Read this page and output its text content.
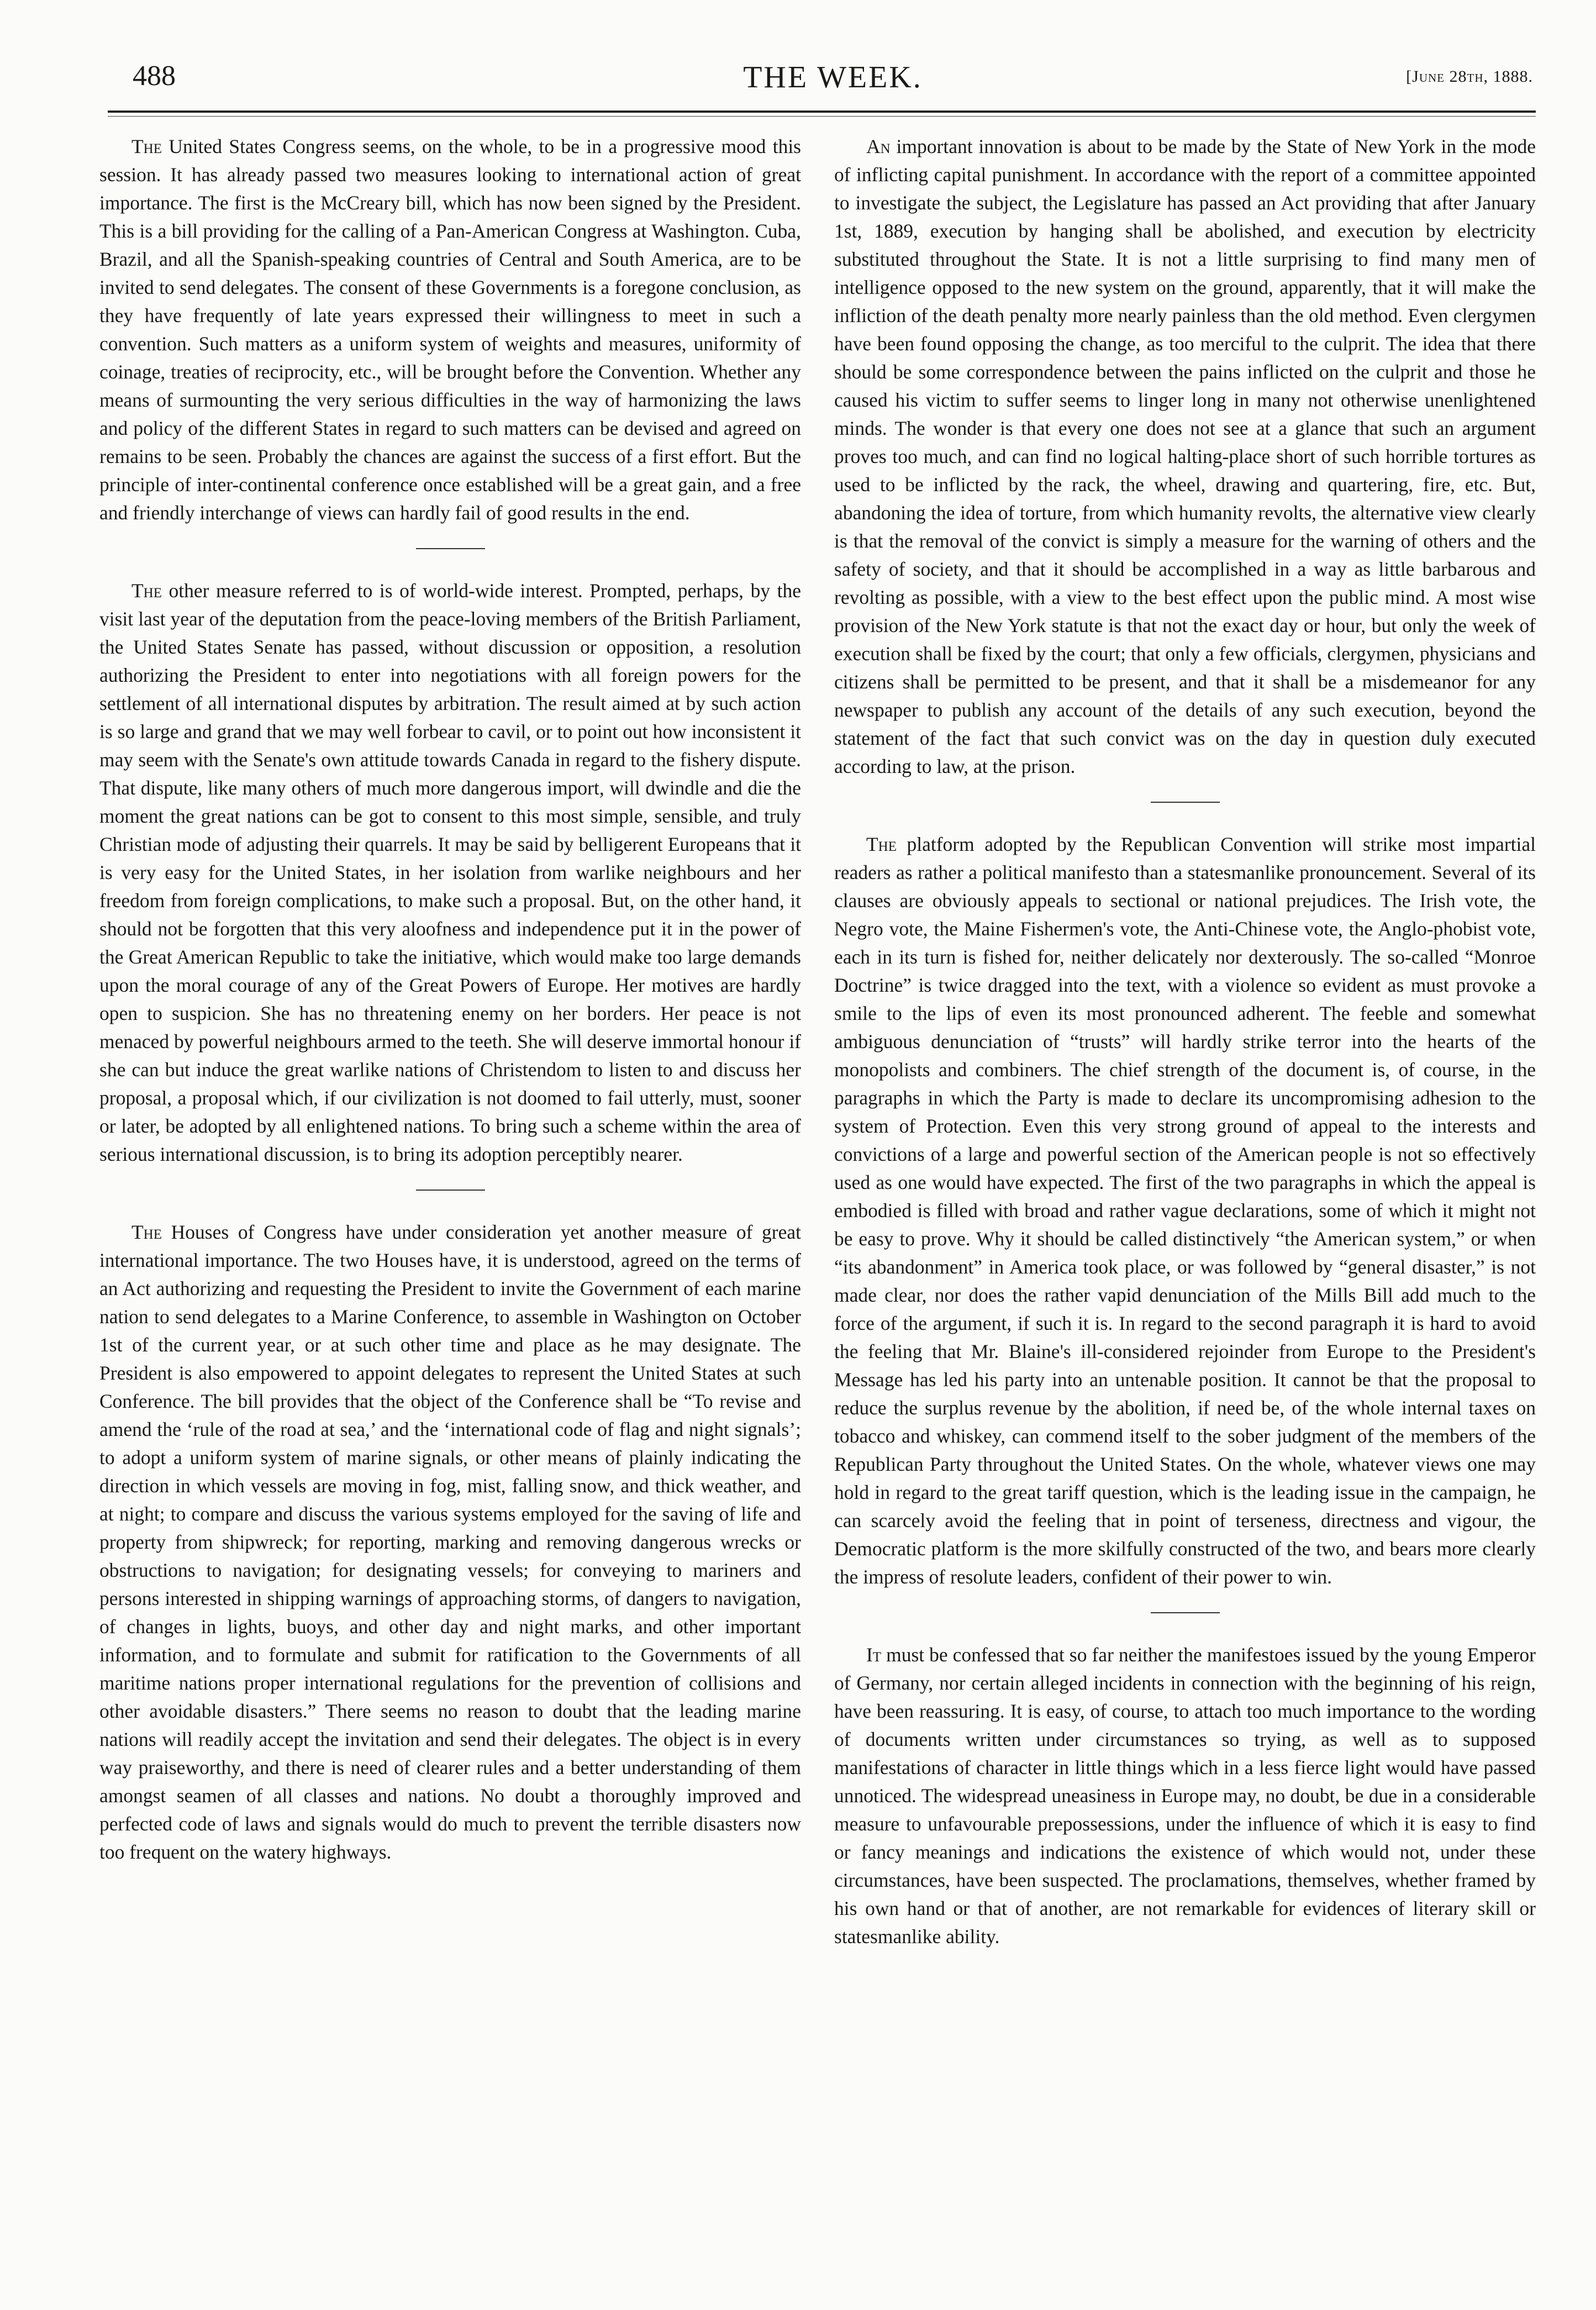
488	THE WEEK.	[June 28th, 1888.

The United States Congress seems, on the whole, to be in a progressive mood this session. It has already passed two measures looking to international action of great importance. The first is the McCreary bill, which has now been signed by the President. This is a bill providing for the calling of a Pan-American Congress at Washington. Cuba, Brazil, and all the Spanish-speaking countries of Central and South America, are to be invited to send delegates. The consent of these Governments is a foregone conclusion, as they have frequently of late years expressed their willingness to meet in such a convention. Such matters as a uniform system of weights and measures, uniformity of coinage, treaties of reciprocity, etc., will be brought before the Convention. Whether any means of surmounting the very serious difficulties in the way of harmonizing the laws and policy of the different States in regard to such matters can be devised and agreed on remains to be seen. Probably the chances are against the success of a first effort. But the principle of inter-continental conference once established will be a great gain, and a free and friendly interchange of views can hardly fail of good results in the end.

The other measure referred to is of world-wide interest. Prompted, perhaps, by the visit last year of the deputation from the peace-loving members of the British Parliament, the United States Senate has passed, without discussion or opposition, a resolution authorizing the President to enter into negotiations with all foreign powers for the settlement of all international disputes by arbitration. The result aimed at by such action is so large and grand that we may well forbear to cavil, or to point out how inconsistent it may seem with the Senate's own attitude towards Canada in regard to the fishery dispute. That dispute, like many others of much more dangerous import, will dwindle and die the moment the great nations can be got to consent to this most simple, sensible, and truly Christian mode of adjusting their quarrels. It may be said by belligerent Europeans that it is very easy for the United States, in her isolation from warlike neighbours and her freedom from foreign complications, to make such a proposal. But, on the other hand, it should not be forgotten that this very aloofness and independence put it in the power of the Great American Republic to take the initiative, which would make too large demands upon the moral courage of any of the Great Powers of Europe. Her motives are hardly open to suspicion. She has no threatening enemy on her borders. Her peace is not menaced by powerful neighbours armed to the teeth. She will deserve immortal honour if she can but induce the great warlike nations of Christendom to listen to and discuss her proposal, a proposal which, if our civilization is not doomed to fail utterly, must, sooner or later, be adopted by all enlightened nations. To bring such a scheme within the area of serious international discussion, is to bring its adoption perceptibly nearer.

The Houses of Congress have under consideration yet another measure of great international importance. The two Houses have, it is understood, agreed on the terms of an Act authorizing and requesting the President to invite the Government of each marine nation to send delegates to a Marine Conference, to assemble in Washington on October 1st of the current year, or at such other time and place as he may designate. The President is also empowered to appoint delegates to represent the United States at such Conference. The bill provides that the object of the Conference shall be “To revise and amend the ‘rule of the road at sea,’ and the ‘international code of flag and night signals’; to adopt a uniform system of marine signals, or other means of plainly indicating the direction in which vessels are moving in fog, mist, falling snow, and thick weather, and at night; to compare and discuss the various systems employed for the saving of life and property from shipwreck; for reporting, marking and removing dangerous wrecks or obstructions to navigation; for designating vessels; for conveying to mariners and persons interested in shipping warnings of approaching storms, of dangers to navigation, of changes in lights, buoys, and other day and night marks, and other important information, and to formulate and submit for ratification to the Governments of all maritime nations proper international regulations for the prevention of collisions and other avoidable disasters.” There seems no reason to doubt that the leading marine nations will readily accept the invitation and send their delegates. The object is in every way praiseworthy, and there is need of clearer rules and a better understanding of them amongst seamen of all classes and nations. No doubt a thoroughly improved and perfected code of laws and signals would do much to prevent the terrible disasters now too frequent on the watery highways.

An important innovation is about to be made by the State of New York in the mode of inflicting capital punishment. In accordance with the report of a committee appointed to investigate the subject, the Legislature has passed an Act providing that after January 1st, 1889, execution by hanging shall be abolished, and execution by electricity substituted throughout the State. It is not a little surprising to find many men of intelligence opposed to the new system on the ground, apparently, that it will make the infliction of the death penalty more nearly painless than the old method. Even clergymen have been found opposing the change, as too merciful to the culprit. The idea that there should be some correspondence between the pains inflicted on the culprit and those he caused his victim to suffer seems to linger long in many not otherwise unenlightened minds. The wonder is that every one does not see at a glance that such an argument proves too much, and can find no logical halting-place short of such horrible tortures as used to be inflicted by the rack, the wheel, drawing and quartering, fire, etc. But, abandoning the idea of torture, from which humanity revolts, the alternative view clearly is that the removal of the convict is simply a measure for the warning of others and the safety of society, and that it should be accomplished in a way as little barbarous and revolting as possible, with a view to the best effect upon the public mind. A most wise provision of the New York statute is that not the exact day or hour, but only the week of execution shall be fixed by the court; that only a few officials, clergymen, physicians and citizens shall be permitted to be present, and that it shall be a misdemeanor for any newspaper to publish any account of the details of any such execution, beyond the statement of the fact that such convict was on the day in question duly executed according to law, at the prison.

The platform adopted by the Republican Convention will strike most impartial readers as rather a political manifesto than a statesmanlike pronouncement. Several of its clauses are obviously appeals to sectional or national prejudices. The Irish vote, the Negro vote, the Maine Fishermen's vote, the Anti-Chinese vote, the Anglo-phobist vote, each in its turn is fished for, neither delicately nor dexterously. The so-called “Monroe Doctrine” is twice dragged into the text, with a violence so evident as must provoke a smile to the lips of even its most pronounced adherent. The feeble and somewhat ambiguous denunciation of “trusts” will hardly strike terror into the hearts of the monopolists and combiners. The chief strength of the document is, of course, in the paragraphs in which the Party is made to declare its uncompromising adhesion to the system of Protection. Even this very strong ground of appeal to the interests and convictions of a large and powerful section of the American people is not so effectively used as one would have expected. The first of the two paragraphs in which the appeal is embodied is filled with broad and rather vague declarations, some of which it might not be easy to prove. Why it should be called distinctively “the American system,” or when “its abandonment” in America took place, or was followed by “general disaster,” is not made clear, nor does the rather vapid denunciation of the Mills Bill add much to the force of the argument, if such it is. In regard to the second paragraph it is hard to avoid the feeling that Mr. Blaine's ill-considered rejoinder from Europe to the President's Message has led his party into an untenable position. It cannot be that the proposal to reduce the surplus revenue by the abolition, if need be, of the whole internal taxes on tobacco and whiskey, can commend itself to the sober judgment of the members of the Republican Party throughout the United States. On the whole, whatever views one may hold in regard to the great tariff question, which is the leading issue in the campaign, he can scarcely avoid the feeling that in point of terseness, directness and vigour, the Democratic platform is the more skilfully constructed of the two, and bears more clearly the impress of resolute leaders, confident of their power to win.

It must be confessed that so far neither the manifestoes issued by the young Emperor of Germany, nor certain alleged incidents in connection with the beginning of his reign, have been reassuring. It is easy, of course, to attach too much importance to the wording of documents written under circumstances so trying, as well as to supposed manifestations of character in little things which in a less fierce light would have passed unnoticed. The widespread uneasiness in Europe may, no doubt, be due in a considerable measure to unfavourable prepossessions, under the influence of which it is easy to find or fancy meanings and indications the existence of which would not, under these circumstances, have been suspected. The proclamations, themselves, whether framed by his own hand or that of another, are not remarkable for evidences of literary skill or statesmanlike ability.
